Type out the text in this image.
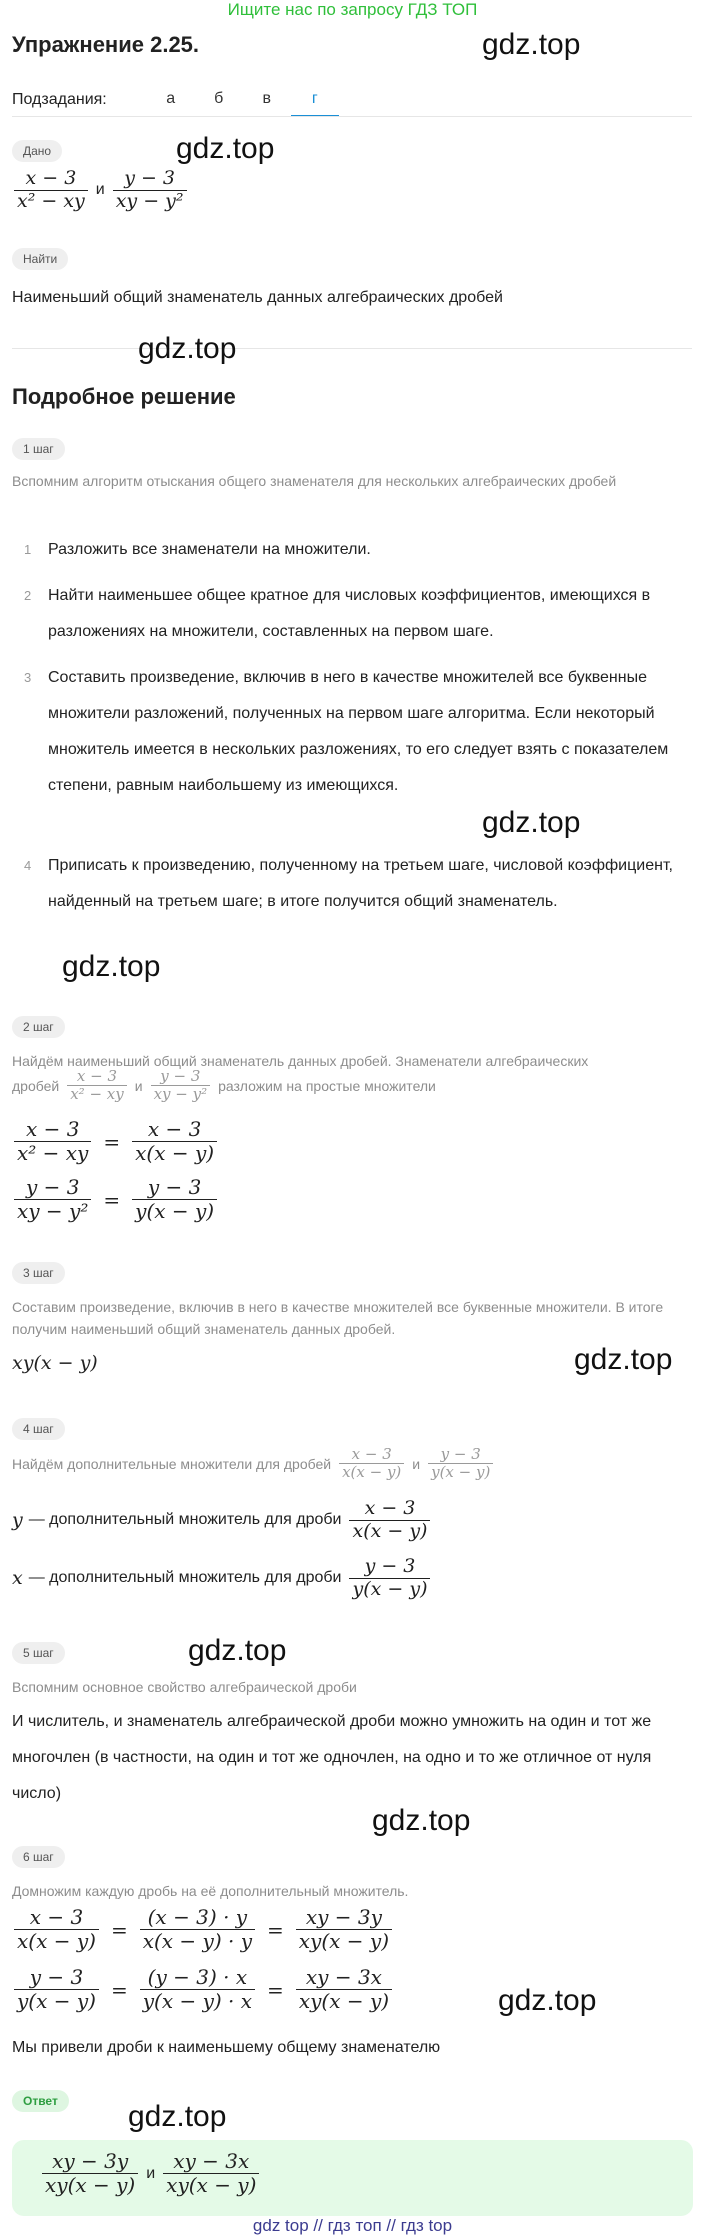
Ищите нас по запросу ГДЗ ТОП
gdz.top
gdz.top
gdz.top
gdz.top
gdz.top
gdz.top
gdz.top
gdz.top
gdz.top
gdz.top
Упражнение 2.25.
Подзадания:	а	б	в	г
Дано
$\frac{x - 3}{\text{x² − xy}}$ и $\frac{y - 3}{\text{xy − y²}}$
Найти
Наименьший общий знаменатель данных алгебраических дробей
Подробное решение
1 шаг
Вспомним алгоритм отыскания общего знаменателя для нескольких алгебраических дробей
1	Разложить все знаменатели на множители.
2	Найти наименьшее общее кратное для числовых коэффициентов, имеющихся в разложениях на множители, составленных на первом шаге.
3	Составить произведение, включив в него в качестве множителей все буквенные множители разложений, полученных на первом шаге алгоритма. Если некоторый множитель имеется в нескольких разложениях, то его следует взять с показателем степени, равным наибольшему из имеющихся.
4	Приписать к произведению, полученному на третьем шаге, числовой коэффициент, найденный на третьем шаге; в итоге получится общий знаменатель.
2 шаг
Найдём наименьший общий знаменатель данных дробей. Знаменатели алгебраических
дробей $\frac{x - 3}{\text{x² − xy}}$ и $\frac{y - 3}{\text{xy − y²}}$ разложим на простые множители
$\frac{x - 3}{\text{x² − xy}} = \frac{x - 3}{x(x - y)}$
$\frac{y - 3}{\text{xy − y²}} = \frac{y - 3}{y(x - y)}$
3 шаг
Составим произведение, включив в него в качестве множителей все буквенные множители. В итоге получим наименьший общий знаменатель данных дробей.
xy(x − y)
4 шаг
Найдём дополнительные множители для дробей $\frac{x - 3}{x(x - y)}$ и $\frac{y - 3}{y(x - y)}$
y — дополнительный множитель для дроби $\frac{x - 3}{x(x - y)}$
x — дополнительный множитель для дроби $\frac{y - 3}{y(x - y)}$
5 шаг
Вспомним основное свойство алгебраической дроби
И числитель, и знаменатель алгебраической дроби можно умножить на один и тот же многочлен (в частности, на один и тот же одночлен, на одно и то же отличное от нуля число)
6 шаг
Домножим каждую дробь на её дополнительный множитель.
$\frac{x - 3}{x(x - y)} = \frac{(x - 3) \cdot y}{x(x - y) \cdot y} = \frac{xy - 3y}{xy(x - y)}$
$\frac{y - 3}{y(x - y)} = \frac{(y - 3) \cdot x}{y(x - y) \cdot x} = \frac{xy - 3x}{xy(x - y)}$
Мы привели дроби к наименьшему общему знаменателю
Ответ
$\frac{xy - 3y}{xy(x - y)}$ и $\frac{xy - 3x}{xy(x - y)}$
gdz top // гдз топ // гдз top
